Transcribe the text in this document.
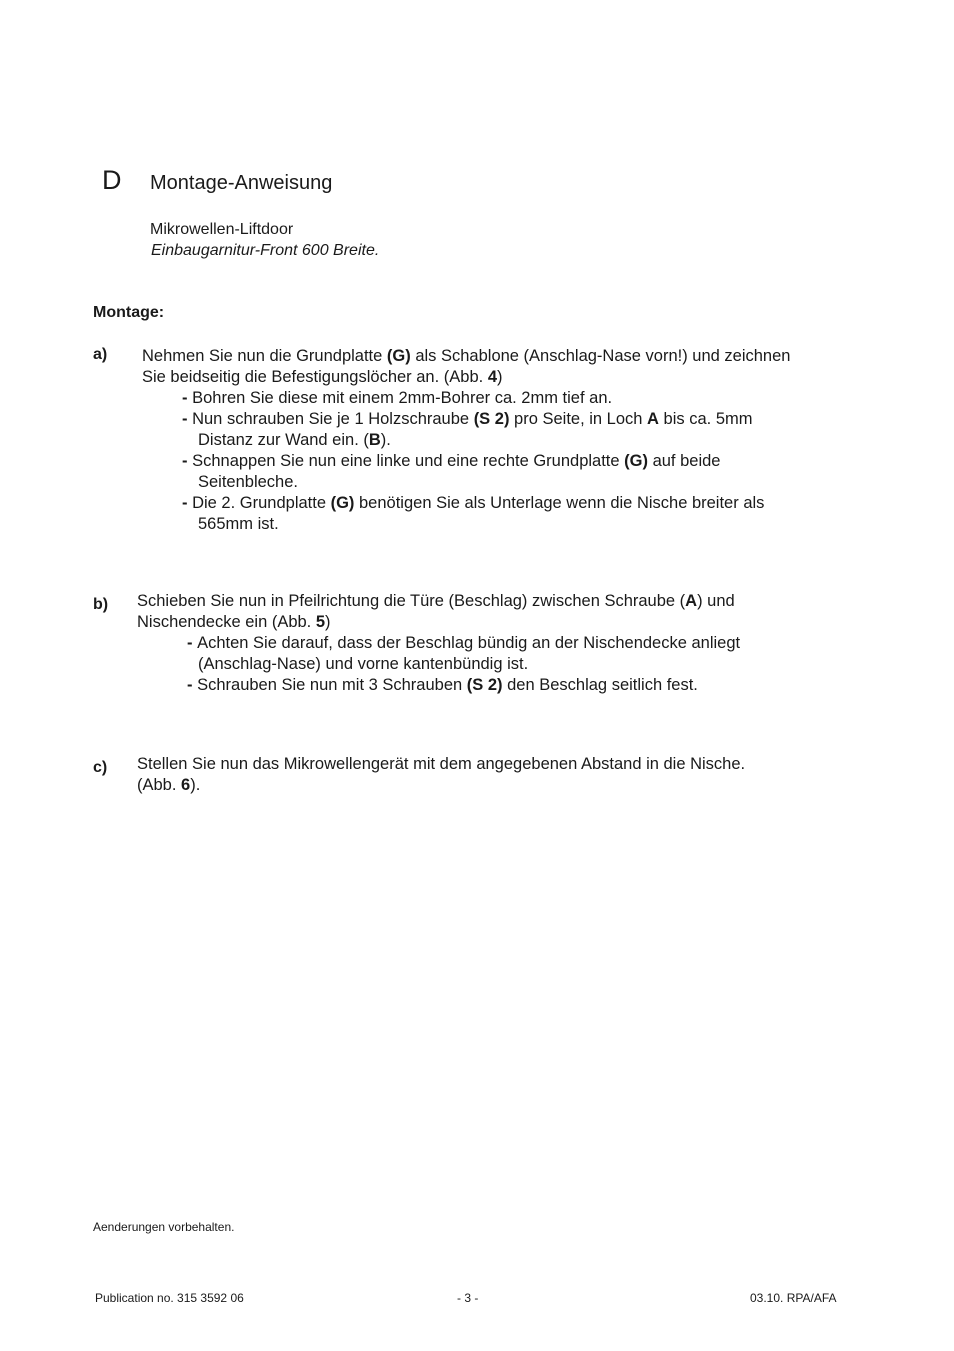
D Montage-Anweisung
Mikrowellen-Liftdoor
Einbaugarnitur-Front 600 Breite.
Montage:
a) Nehmen Sie nun die Grundplatte (G) als Schablone (Anschlag-Nase vorn!) und zeichnen
Sie beidseitig die Befestigungslöcher an. (Abb. 4)
- Bohren Sie diese mit einem 2mm-Bohrer ca. 2mm tief an.
- Nun schrauben Sie je 1 Holzschraube (S 2) pro Seite, in Loch A bis ca. 5mm
Distanz zur Wand ein. (B).
- Schnappen Sie nun eine linke und eine rechte Grundplatte (G) auf beide
Seitenbleche.
- Die 2. Grundplatte (G) benötigen Sie als Unterlage wenn die Nische breiter als
565mm ist.
b) Schieben Sie nun in Pfeilrichtung die Türe (Beschlag) zwischen Schraube (A) und
Nischendecke ein (Abb. 5)
- Achten Sie darauf, dass der Beschlag bündig an der Nischendecke anliegt
(Anschlag-Nase) und vorne kantenbündig ist.
- Schrauben Sie nun mit 3 Schrauben (S 2) den Beschlag seitlich fest.
c) Stellen Sie nun das Mikrowellengerät mit dem angegebenen Abstand in die Nische.
(Abb. 6).
Aenderungen vorbehalten.
Publication no. 315 3592 06	- 3 -	03.10. RPA/AFA
